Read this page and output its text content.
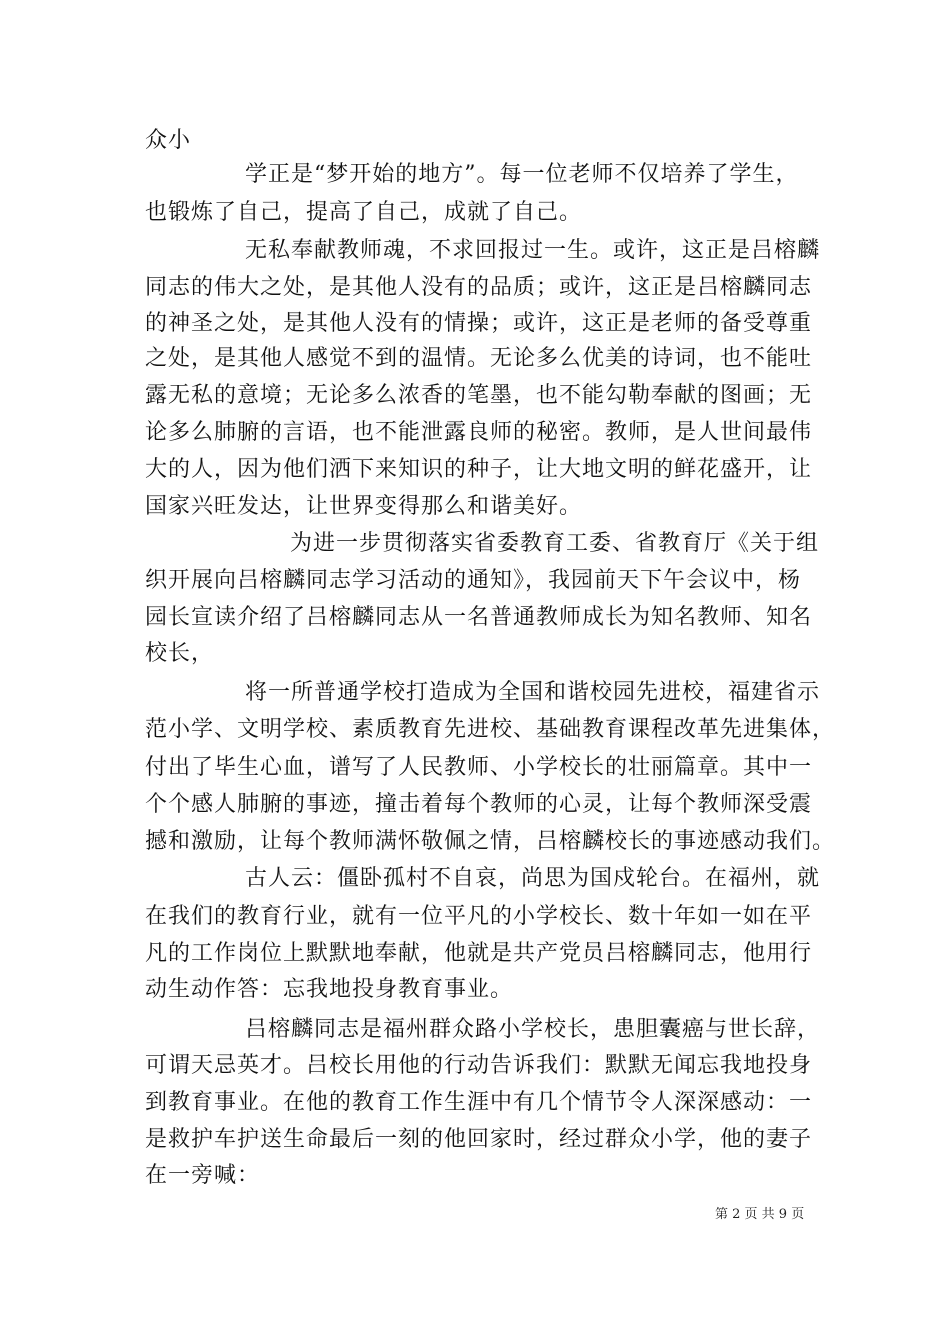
众小
学正是“梦开始的地方”。每一位老师不仅培养了学生，
也锻炼了自己，提高了自己，成就了自己。
无私奉献教师魂，不求回报过一生。或许，这正是吕榕麟
同志的伟大之处，是其他人没有的品质；或许，这正是吕榕麟同志
的神圣之处，是其他人没有的情操；或许，这正是老师的备受尊重
之处，是其他人感觉不到的温情。无论多么优美的诗词，也不能吐
露无私的意境；无论多么浓香的笔墨，也不能勾勒奉献的图画；无
论多么肺腑的言语，也不能泄露良师的秘密。教师，是人世间最伟
大的人，因为他们洒下来知识的种子，让大地文明的鲜花盛开，让
国家兴旺发达，让世界变得那么和谐美好。
为进一步贯彻落实省委教育工委、省教育厅《关于组
织开展向吕榕麟同志学习活动的通知》，我园前天下午会议中，杨
园长宣读介绍了吕榕麟同志从一名普通教师成长为知名教师、知名
校长，
将一所普通学校打造成为全国和谐校园先进校，福建省示
范小学、文明学校、素质教育先进校、基础教育课程改革先进集体，
付出了毕生心血，谱写了人民教师、小学校长的壮丽篇章。其中一
个个感人肺腑的事迹，撞击着每个教师的心灵，让每个教师深受震
撼和激励，让每个教师满怀敬佩之情，吕榕麟校长的事迹感动我们。
古人云：僵卧孤村不自哀，尚思为国戍轮台。在福州，就
在我们的教育行业，就有一位平凡的小学校长、数十年如一如在平
凡的工作岗位上默默地奉献，他就是共产党员吕榕麟同志，他用行
动生动作答：忘我地投身教育事业。
吕榕麟同志是福州群众路小学校长，患胆囊癌与世长辞，
可谓天忌英才。吕校长用他的行动告诉我们：默默无闻忘我地投身
到教育事业。在他的教育工作生涯中有几个情节令人深深感动：一
是救护车护送生命最后一刻的他回家时，经过群众小学，他的妻子
在一旁喊：
第 2 页 共 9 页
